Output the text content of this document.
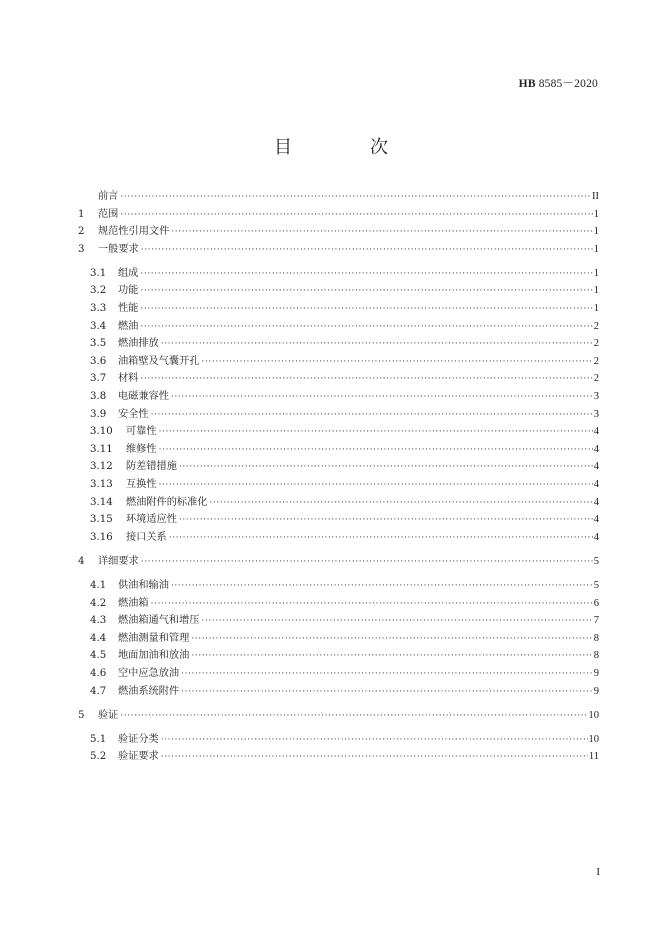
HB 8585－2020
目　次
前言 ·····	II
1	范围 ·····	1
2	规范性引用文件 ·····	1
3	一般要求 ·····	1
3.1	组成 ·····	1
3.2	功能 ·····	1
3.3	性能 ·····	1
3.4	燃油 ·····	2
3.5	燃油排放 ·····	2
3.6	油箱壁及气囊开孔 ·····	2
3.7	材料 ·····	2
3.8	电磁兼容性 ·····	3
3.9	安全性 ·····	3
3.10	可靠性 ·····	4
3.11	维修性 ·····	4
3.12	防差错措施 ·····	4
3.13	互换性 ·····	4
3.14	燃油附件的标准化 ·····	4
3.15	环境适应性 ·····	4
3.16	接口关系 ·····	4
4	详细要求 ·····	5
4.1	供油和输油 ·····	5
4.2	燃油箱 ·····	6
4.3	燃油箱通气和增压 ·····	7
4.4	燃油测量和管理 ·····	8
4.5	地面加油和放油 ·····	8
4.6	空中应急放油 ·····	9
4.7	燃油系统附件 ·····	9
5	验证 ·····	10
5.1	验证分类 ·····	10
5.2	验证要求 ·····	11
I
